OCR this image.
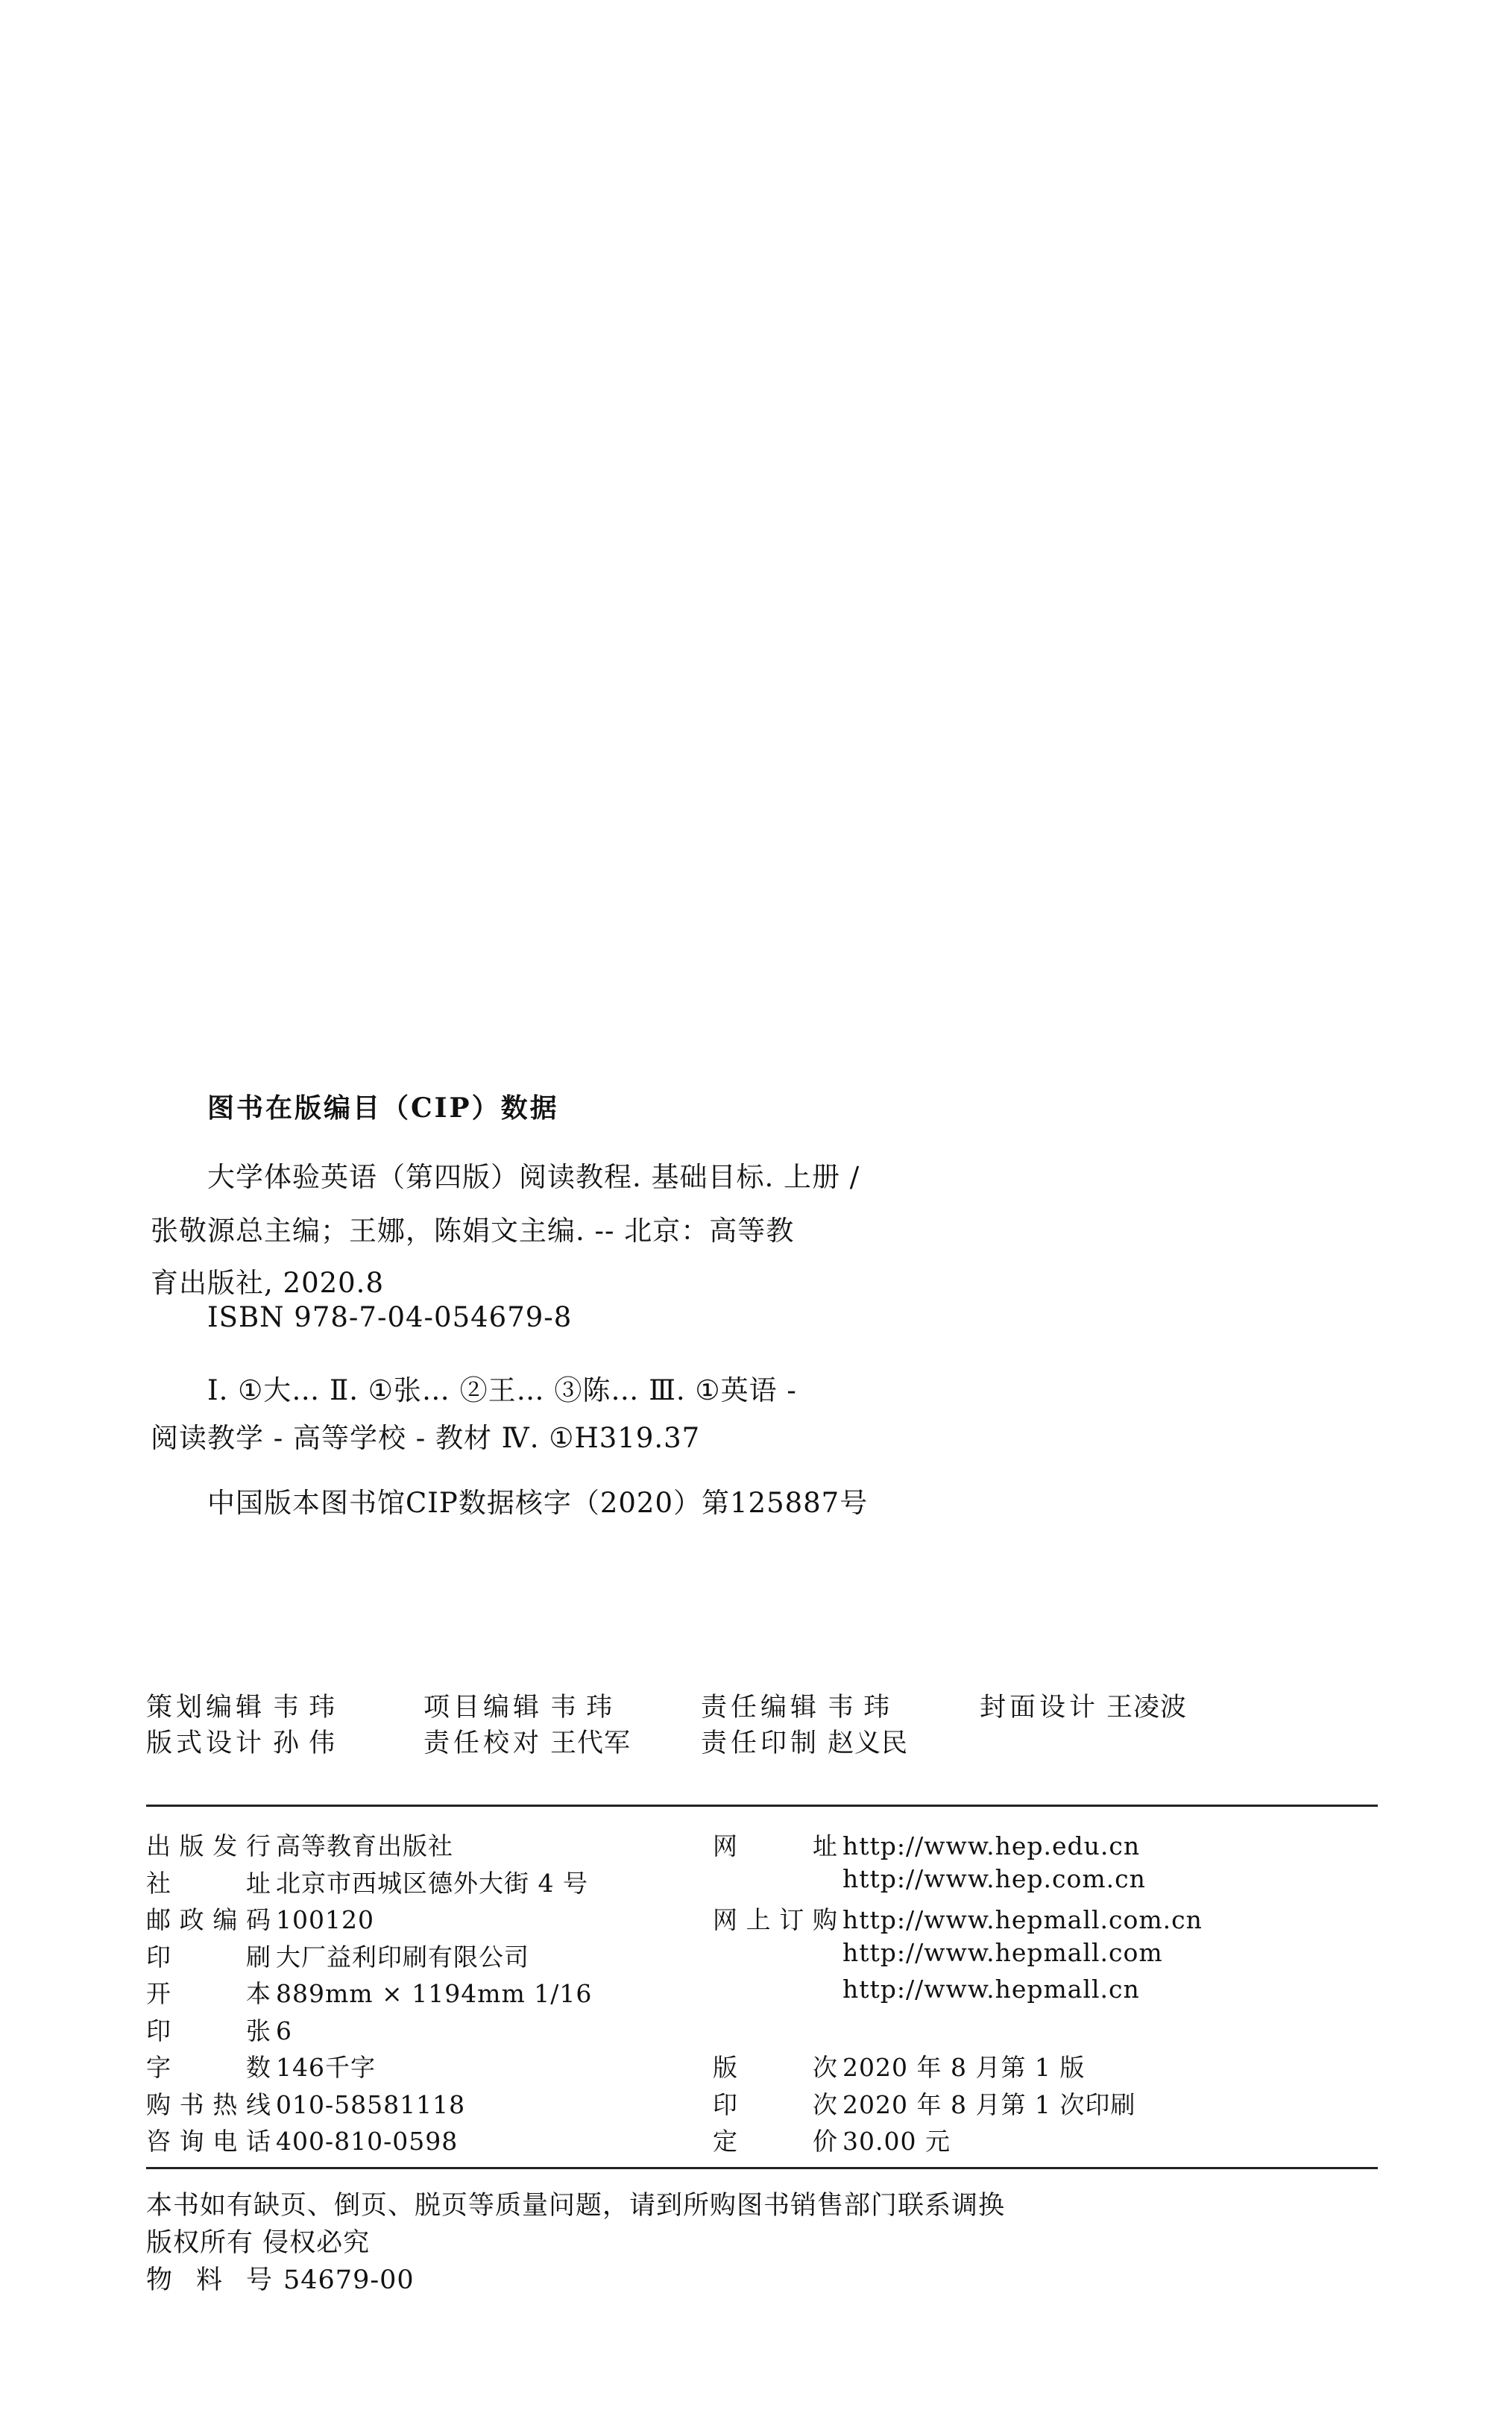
图书在版编目（CIP）数据
大学体验英语（第四版）阅读教程. 基础目标. 上册 /
张敬源总主编；王娜，陈娟文主编. -- 北京：高等教
育出版社, 2020.8
ISBN 978-7-04-054679-8
Ⅰ. ①大… Ⅱ. ①张… ②王… ③陈… Ⅲ. ①英语 -
阅读教学 - 高等学校 - 教材 Ⅳ. ①H319.37
中国版本图书馆CIP数据核字（2020）第125887号
策划编辑 韦 玮	项目编辑 韦 玮	责任编辑 韦 玮	封面设计 王凌波
版式设计 孙 伟	责任校对 王代军	责任印制 赵义民
出版发行 高等教育出版社
社址 北京市西城区德外大街 4 号
邮政编码 100120
印刷 大厂益利印刷有限公司
开本 889mm × 1194mm 1/16
印张 6
字数 146千字
购书热线 010-58581118
咨询电话 400-810-0598
网址 http://www.hep.edu.cn
http://www.hep.com.cn
网上订购 http://www.hepmall.com.cn
http://www.hepmall.com
http://www.hepmall.cn
版次 2020 年 8 月第 1 版
印次 2020 年 8 月第 1 次印刷
定价 30.00 元
本书如有缺页、倒页、脱页等质量问题，请到所购图书销售部门联系调换
版权所有 侵权必究
物料号 54679-00
